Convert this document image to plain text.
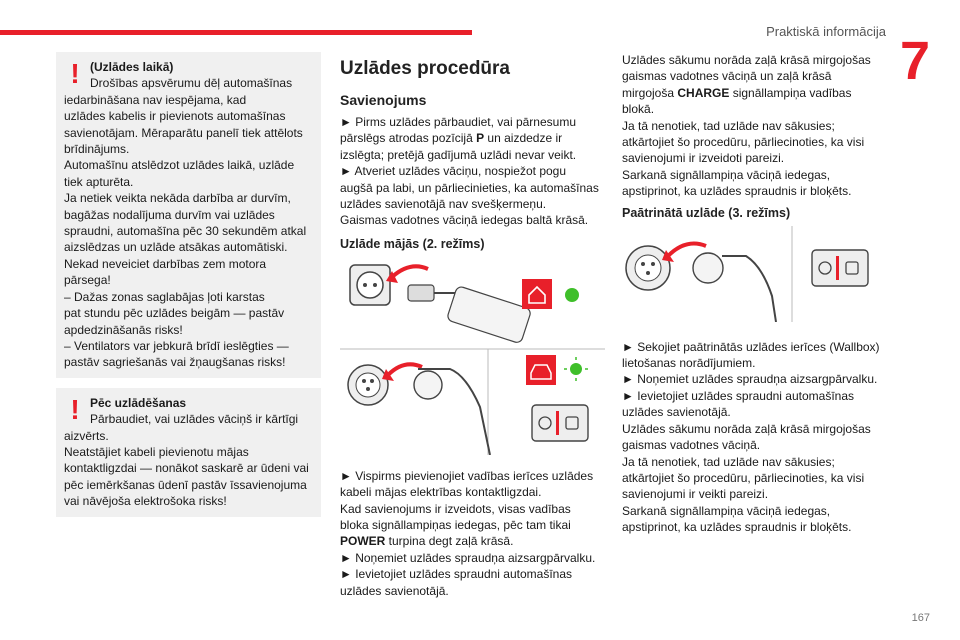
Praktiskā informācija 7
! (Uzlādes laikā)
Drošības apsvērumu dēļ automašīnas
iedarbināšana nav iespējama, kad
uzlādes kabelis ir pievienots automašīnas
savienotājam. Mēraparātu panelī tiek attēlots
brīdinājums.
Automašīnu atslēdzot uzlādes laikā, uzlāde
tiek apturēta.
Ja netiek veikta nekāda darbība ar durvīm,
bagāžas nodalījuma durvīm vai uzlādes
spraudni, automašīna pēc 30 sekundēm atkal
aizslēdzas un uzlāde atsākas automātiski.
Nekad neveiciet darbības zem motora
pārsega!
– Dažas zonas saglabājas ļoti karstas
pat stundu pēc uzlādes beigām — pastāv
apdedzināšanās risks!
– Ventilators var jebkurā brīdī ieslēgties —
pastāv sagriešanās vai žņaugšanas risks!
! Pēc uzlādēšanas
Pārbaudiet, vai uzlādes vāciņš ir kārtīgi
aizvērts.
Neatstājiet kabeli pievienotu mājas
kontaktligzdai — nonākot saskarē ar ūdeni vai
pēc iemērkšanas ūdenī pastāv īssavienojuma
vai nāvējoša elektrošoka risks!
Uzlādes procedūra
Savienojums
► Pirms uzlādes pārbaudiet, vai pārnesumu
pārslēgs atrodas pozīcijā P un aizdedze ir
izslēgta; pretējā gadījumā uzlādi nevar veikt.
► Atveriet uzlādes vāciņu, nospiežot pogu
augšā pa labi, un pārliecinieties, ka automašīnas
uzlādes savienotājā nav svešķermeņu.
Gaismas vadotnes vāciņā iedegas baltā krāsā.
Uzlāde mājās (2. režīms)
► Vispirms pievienojiet vadības ierīces uzlādes
kabeli mājas elektrības kontaktligzdai.
Kad savienojums ir izveidots, visas vadības
bloka signāllampiņas iedegas, pēc tam tikai
POWER turpina degt zaļā krāsā.
► Noņemiet uzlādes spraudņa aizsargpārvalku.
► Ievietojiet uzlādes spraudni automašīnas
uzlādes savienotājā.
Uzlādes sākumu norāda zaļā krāsā mirgojošas
gaismas vadotnes vāciņā un zaļā krāsā
mirgojoša CHARGE signāllampiņa vadības
blokā.
Ja tā nenotiek, tad uzlāde nav sākusies;
atkārtojiet šo procedūru, pārliecinoties, ka visi
savienojumi ir izveidoti pareizi.
Sarkanā signāllampiņa vāciņā iedegas,
apstiprinot, ka uzlādes spraudnis ir bloķēts.
Paātrinātā uzlāde (3. režīms)
► Sekojiet paātrinātās uzlādes ierīces (Wallbox)
lietošanas norādījumiem.
► Noņemiet uzlādes spraudņa aizsargpārvalku.
► Ievietojiet uzlādes spraudni automašīnas
uzlādes savienotājā.
Uzlādes sākumu norāda zaļā krāsā mirgojošas
gaismas vadotnes vāciņā.
Ja tā nenotiek, tad uzlāde nav sākusies;
atkārtojiet šo procedūru, pārliecinoties, ka visi
savienojumi ir veikti pareizi.
Sarkanā signāllampiņa vāciņā iedegas,
apstiprinot, ka uzlādes spraudnis ir bloķēts.
167
